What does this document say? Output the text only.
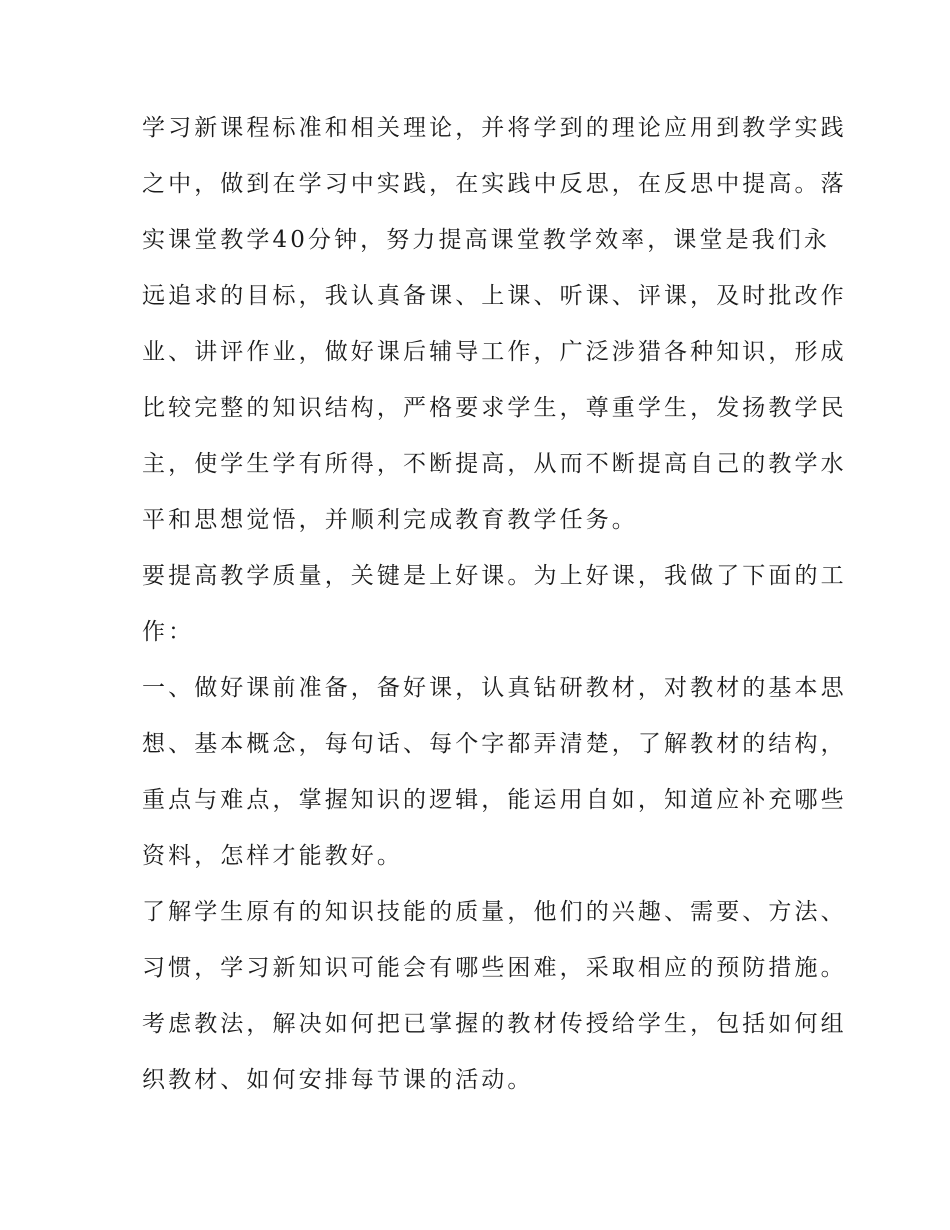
学习新课程标准和相关理论，并将学到的理论应用到教学实践
之中，做到在学习中实践，在实践中反思，在反思中提高。落
实课堂教学40分钟，努力提高课堂教学效率，课堂是我们永
远追求的目标，我认真备课、上课、听课、评课，及时批改作
业、讲评作业，做好课后辅导工作，广泛涉猎各种知识，形成
比较完整的知识结构，严格要求学生，尊重学生，发扬教学民
主，使学生学有所得，不断提高，从而不断提高自己的教学水
平和思想觉悟，并顺利完成教育教学任务。
要提高教学质量，关键是上好课。为上好课，我做了下面的工
作：
一、做好课前准备，备好课，认真钻研教材，对教材的基本思
想、基本概念，每句话、每个字都弄清楚，了解教材的结构，
重点与难点，掌握知识的逻辑，能运用自如，知道应补充哪些
资料，怎样才能教好。
了解学生原有的知识技能的质量，他们的兴趣、需要、方法、
习惯，学习新知识可能会有哪些困难，采取相应的预防措施。
考虑教法，解决如何把已掌握的教材传授给学生，包括如何组
织教材、如何安排每节课的活动。
